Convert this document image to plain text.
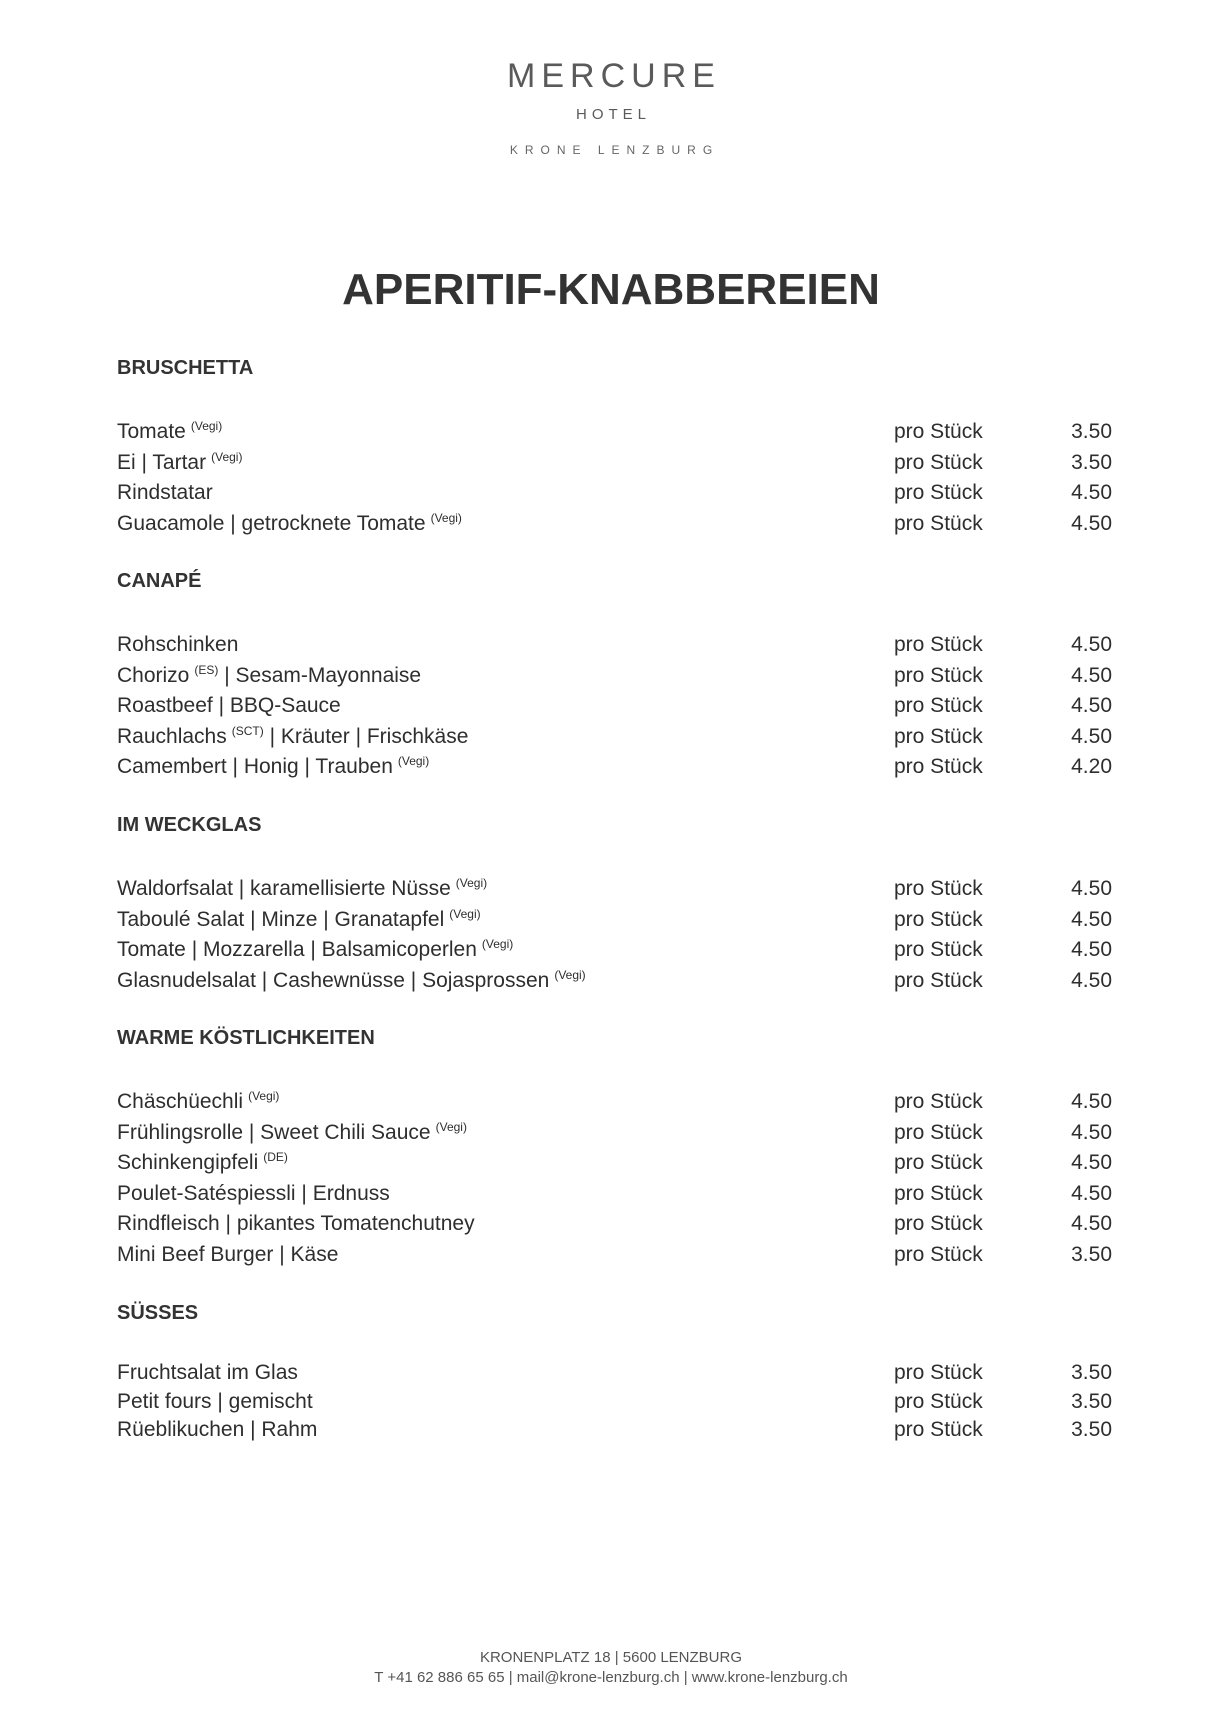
MERCURE
HOTEL
KRONE LENZBURG
APERITIF-KNABBEREIEN
BRUSCHETTA
Tomate $^{(Vegi)}$	pro Stück	3.50
Ei | Tartar $^{(Vegi)}$	pro Stück	3.50
Rindstatar	pro Stück	4.50
Guacamole | getrocknete Tomate $^{(Vegi)}$	pro Stück	4.50
CANAPÉ
Rohschinken	pro Stück	4.50
Chorizo $^{(ES)}$ | Sesam-Mayonnaise	pro Stück	4.50
Roastbeef | BBQ-Sauce	pro Stück	4.50
Rauchlachs $^{(SCT)}$ | Kräuter | Frischkäse	pro Stück	4.50
Camembert | Honig | Trauben $^{(Vegi)}$	pro Stück	4.20
IM WECKGLAS
Waldorfsalat | karamellisierte Nüsse $^{(Vegi)}$	pro Stück	4.50
Taboulé Salat | Minze | Granatapfel $^{(Vegi)}$	pro Stück	4.50
Tomate | Mozzarella | Balsamicoperlen $^{(Vegi)}$	pro Stück	4.50
Glasnudelsalat | Cashewnüsse | Sojasprossen $^{(Vegi)}$	pro Stück	4.50
WARME KÖSTLICHKEITEN
Chäschüechli $^{(Vegi)}$	pro Stück	4.50
Frühlingsrolle | Sweet Chili Sauce $^{(Vegi)}$	pro Stück	4.50
Schinkengipfeli $^{(DE)}$	pro Stück	4.50
Poulet-Satéspiessli | Erdnuss	pro Stück	4.50
Rindfleisch | pikantes Tomatenchutney	pro Stück	4.50
Mini Beef Burger | Käse	pro Stück	3.50
SÜSSES
Fruchtsalat im Glas	pro Stück	3.50
Petit fours | gemischt	pro Stück	3.50
Rüeblikuchen | Rahm	pro Stück	3.50
KRONENPLATZ 18 | 5600 LENZBURG
T +41 62 886 65 65 | mail@krone-lenzburg.ch | www.krone-lenzburg.ch
